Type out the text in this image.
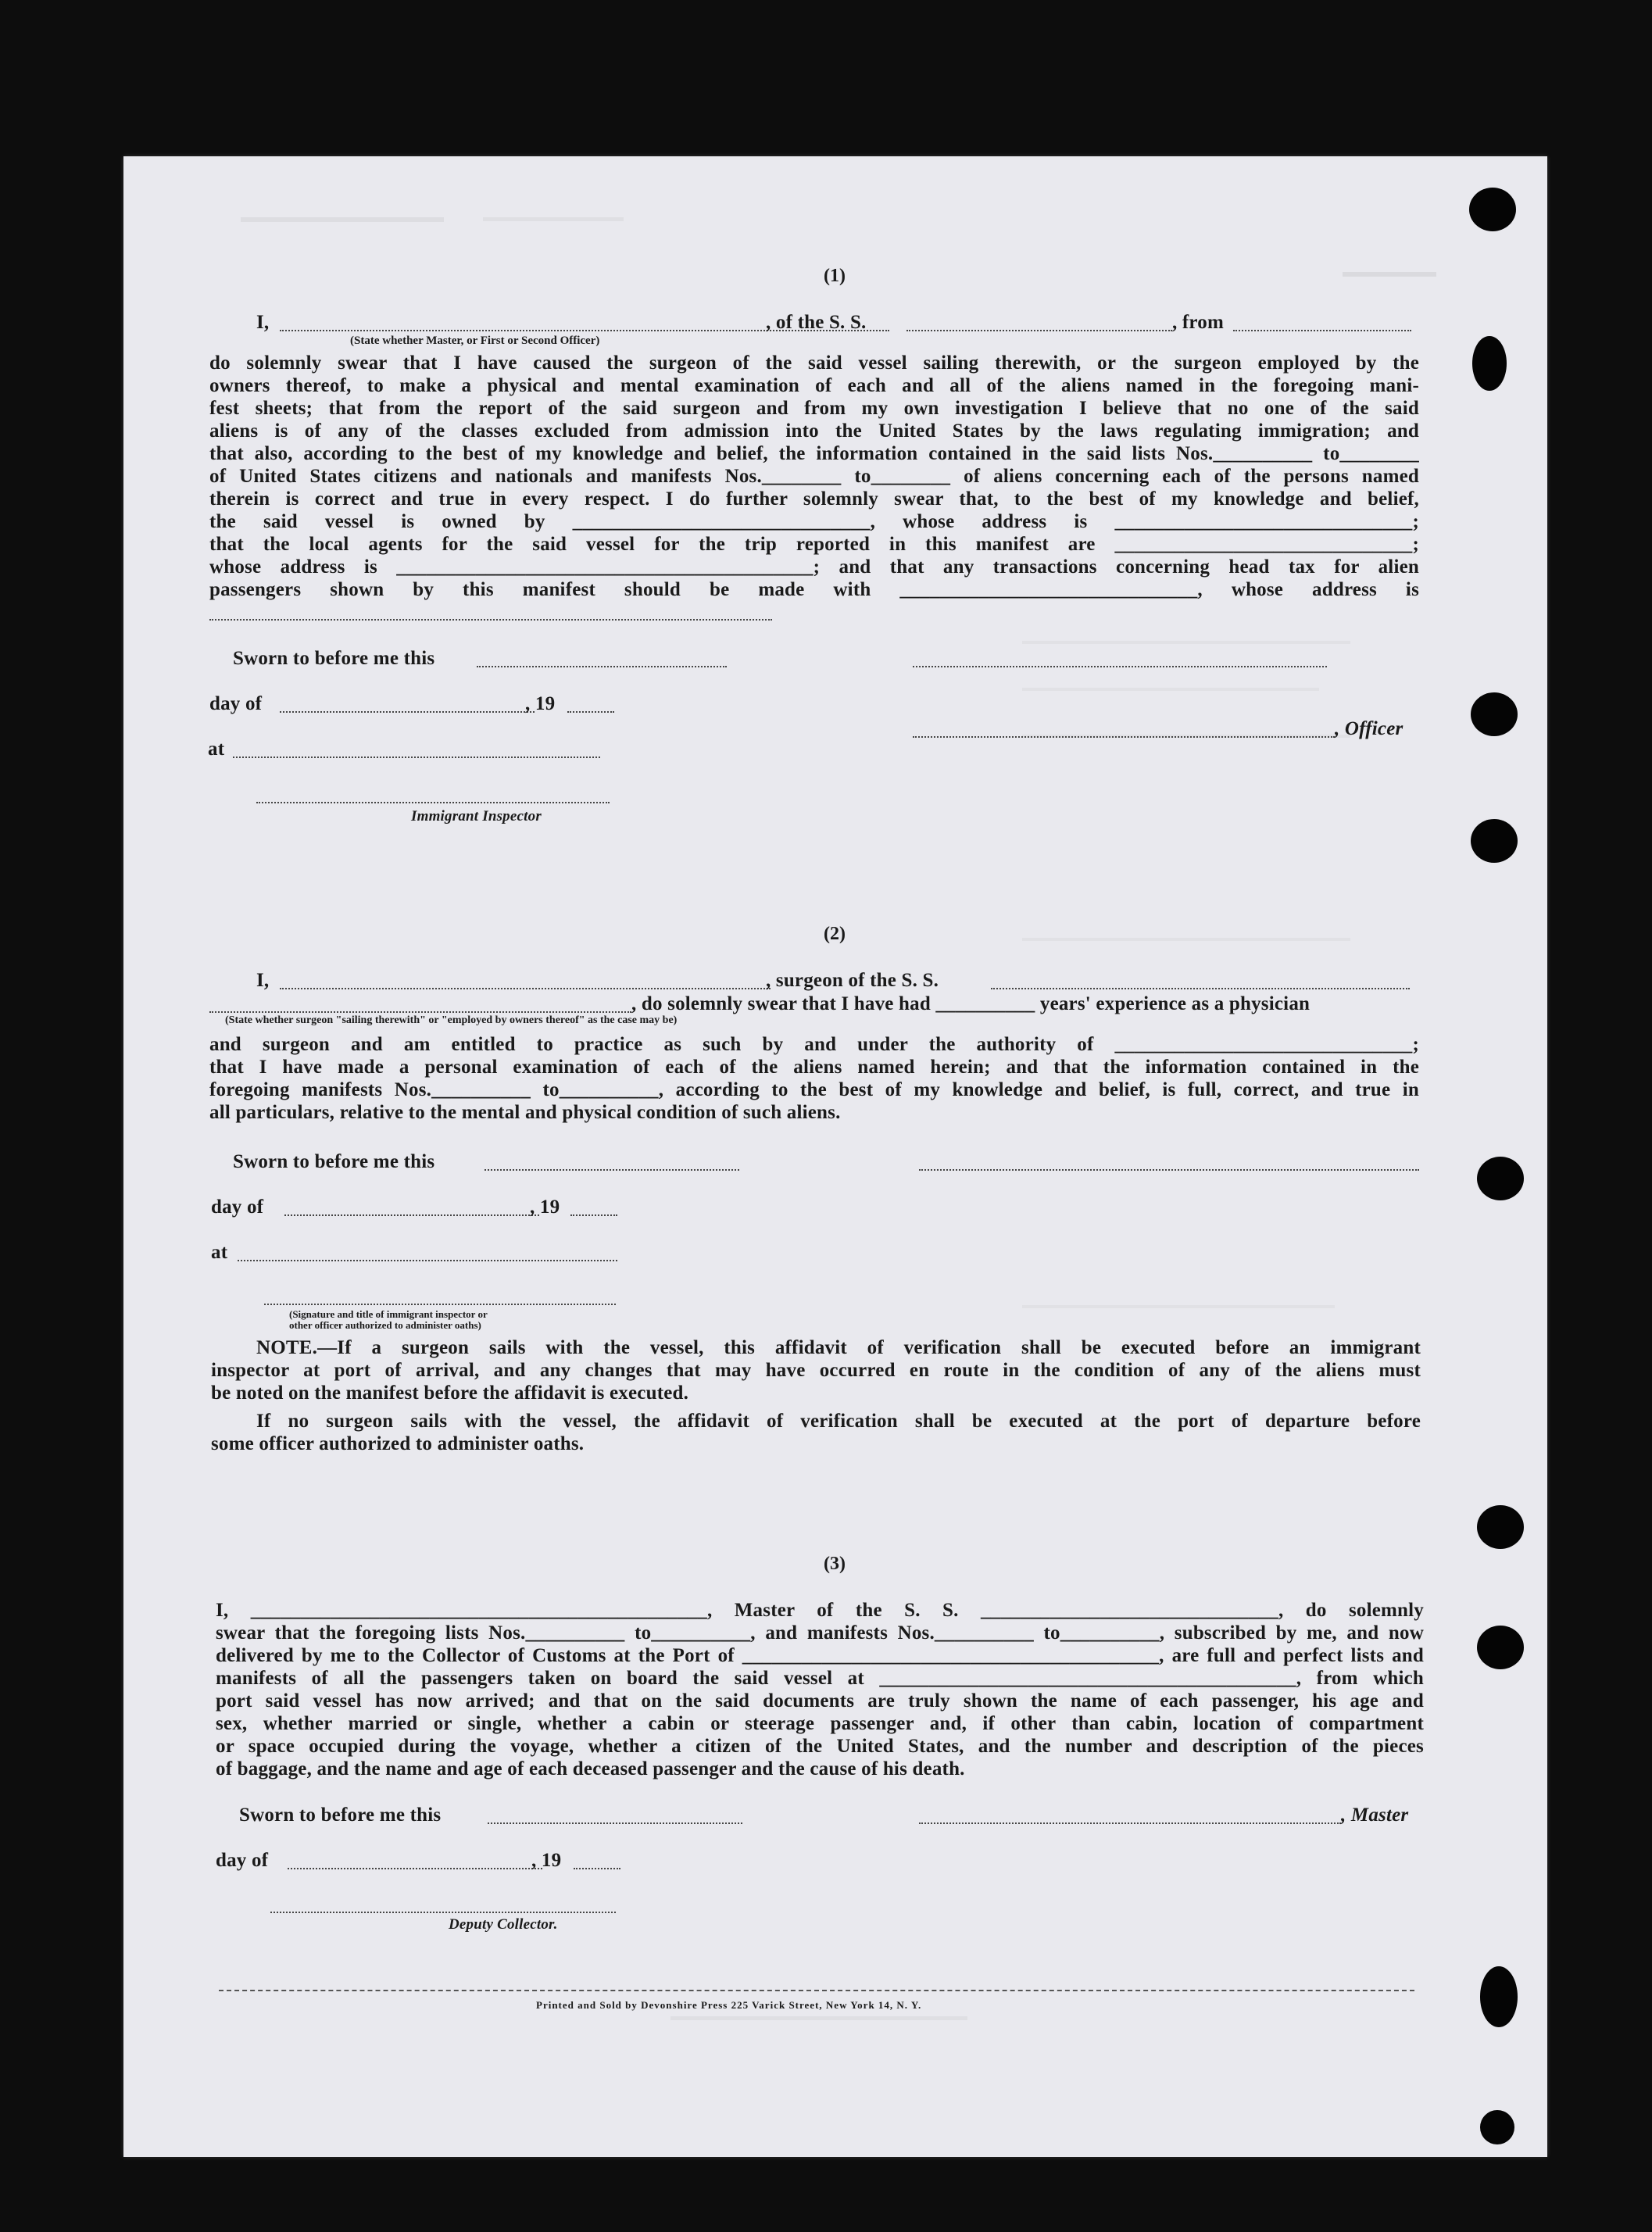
(1)
I,	, of the S. S.	, from
(State whether Master, or First or Second Officer)
do solemnly swear that I have caused the surgeon of the said vessel sailing therewith, or the surgeon employed by the
owners thereof, to make a physical and mental examination of each and all of the aliens named in the foregoing mani-
fest sheets; that from the report of the said surgeon and from my own investigation I believe that no one of the said
aliens is of any of the classes excluded from admission into the United States by the laws regulating immigration; and
that also, according to the best of my knowledge and belief, the information contained in the said lists Nos.__________ to________
of United States citizens and nationals and manifests Nos.________ to________ of aliens concerning each of the persons named
therein is correct and true in every respect. I do further solemnly swear that, to the best of my knowledge and belief,
the said vessel is owned by ______________________________, whose address is ______________________________;
that the local agents for the said vessel for the trip reported in this manifest are ______________________________;
whose address is __________________________________________; and that any transactions concerning head tax for alien
passengers shown by this manifest should be made with ______________________________, whose address is
Sworn to before me this
day of	, 19
, Officer
at
Immigrant Inspector
(2)
I,	, surgeon of the S. S.
, do solemnly swear that I have had __________ years' experience as a physician
(State whether surgeon "sailing therewith" or "employed by owners thereof" as the case may be)
and surgeon and am entitled to practice as such by and under the authority of ______________________________;
that I have made a personal examination of each of the aliens named herein; and that the information contained in the
foregoing manifests Nos.__________ to__________, according to the best of my knowledge and belief, is full, correct, and true in
all particulars, relative to the mental and physical condition of such aliens.
Sworn to before me this
day of	, 19
at
(Signature and title of immigrant inspector or
other officer authorized to administer oaths)
NOTE.—If a surgeon sails with the vessel, this affidavit of verification shall be executed before an immigrant
inspector at port of arrival, and any changes that may have occurred en route in the condition of any of the aliens must
be noted on the manifest before the affidavit is executed.
If no surgeon sails with the vessel, the affidavit of verification shall be executed at the port of departure before
some officer authorized to administer oaths.
(3)
I, ______________________________________________, Master of the S. S. ______________________________, do solemnly
swear that the foregoing lists Nos.__________ to__________, and manifests Nos.__________ to__________, subscribed by me, and now
delivered by me to the Collector of Customs at the Port of __________________________________________, are full and perfect lists and
manifests of all the passengers taken on board the said vessel at __________________________________________, from which
port said vessel has now arrived; and that on the said documents are truly shown the name of each passenger, his age and
sex, whether married or single, whether a cabin or steerage passenger and, if other than cabin, location of compartment
or space occupied during the voyage, whether a citizen of the United States, and the number and description of the pieces
of baggage, and the name and age of each deceased passenger and the cause of his death.
Sworn to before me this	, Master
day of	, 19
Deputy Collector.
Printed and Sold by Devonshire Press 225 Varick Street, New York 14, N. Y.
